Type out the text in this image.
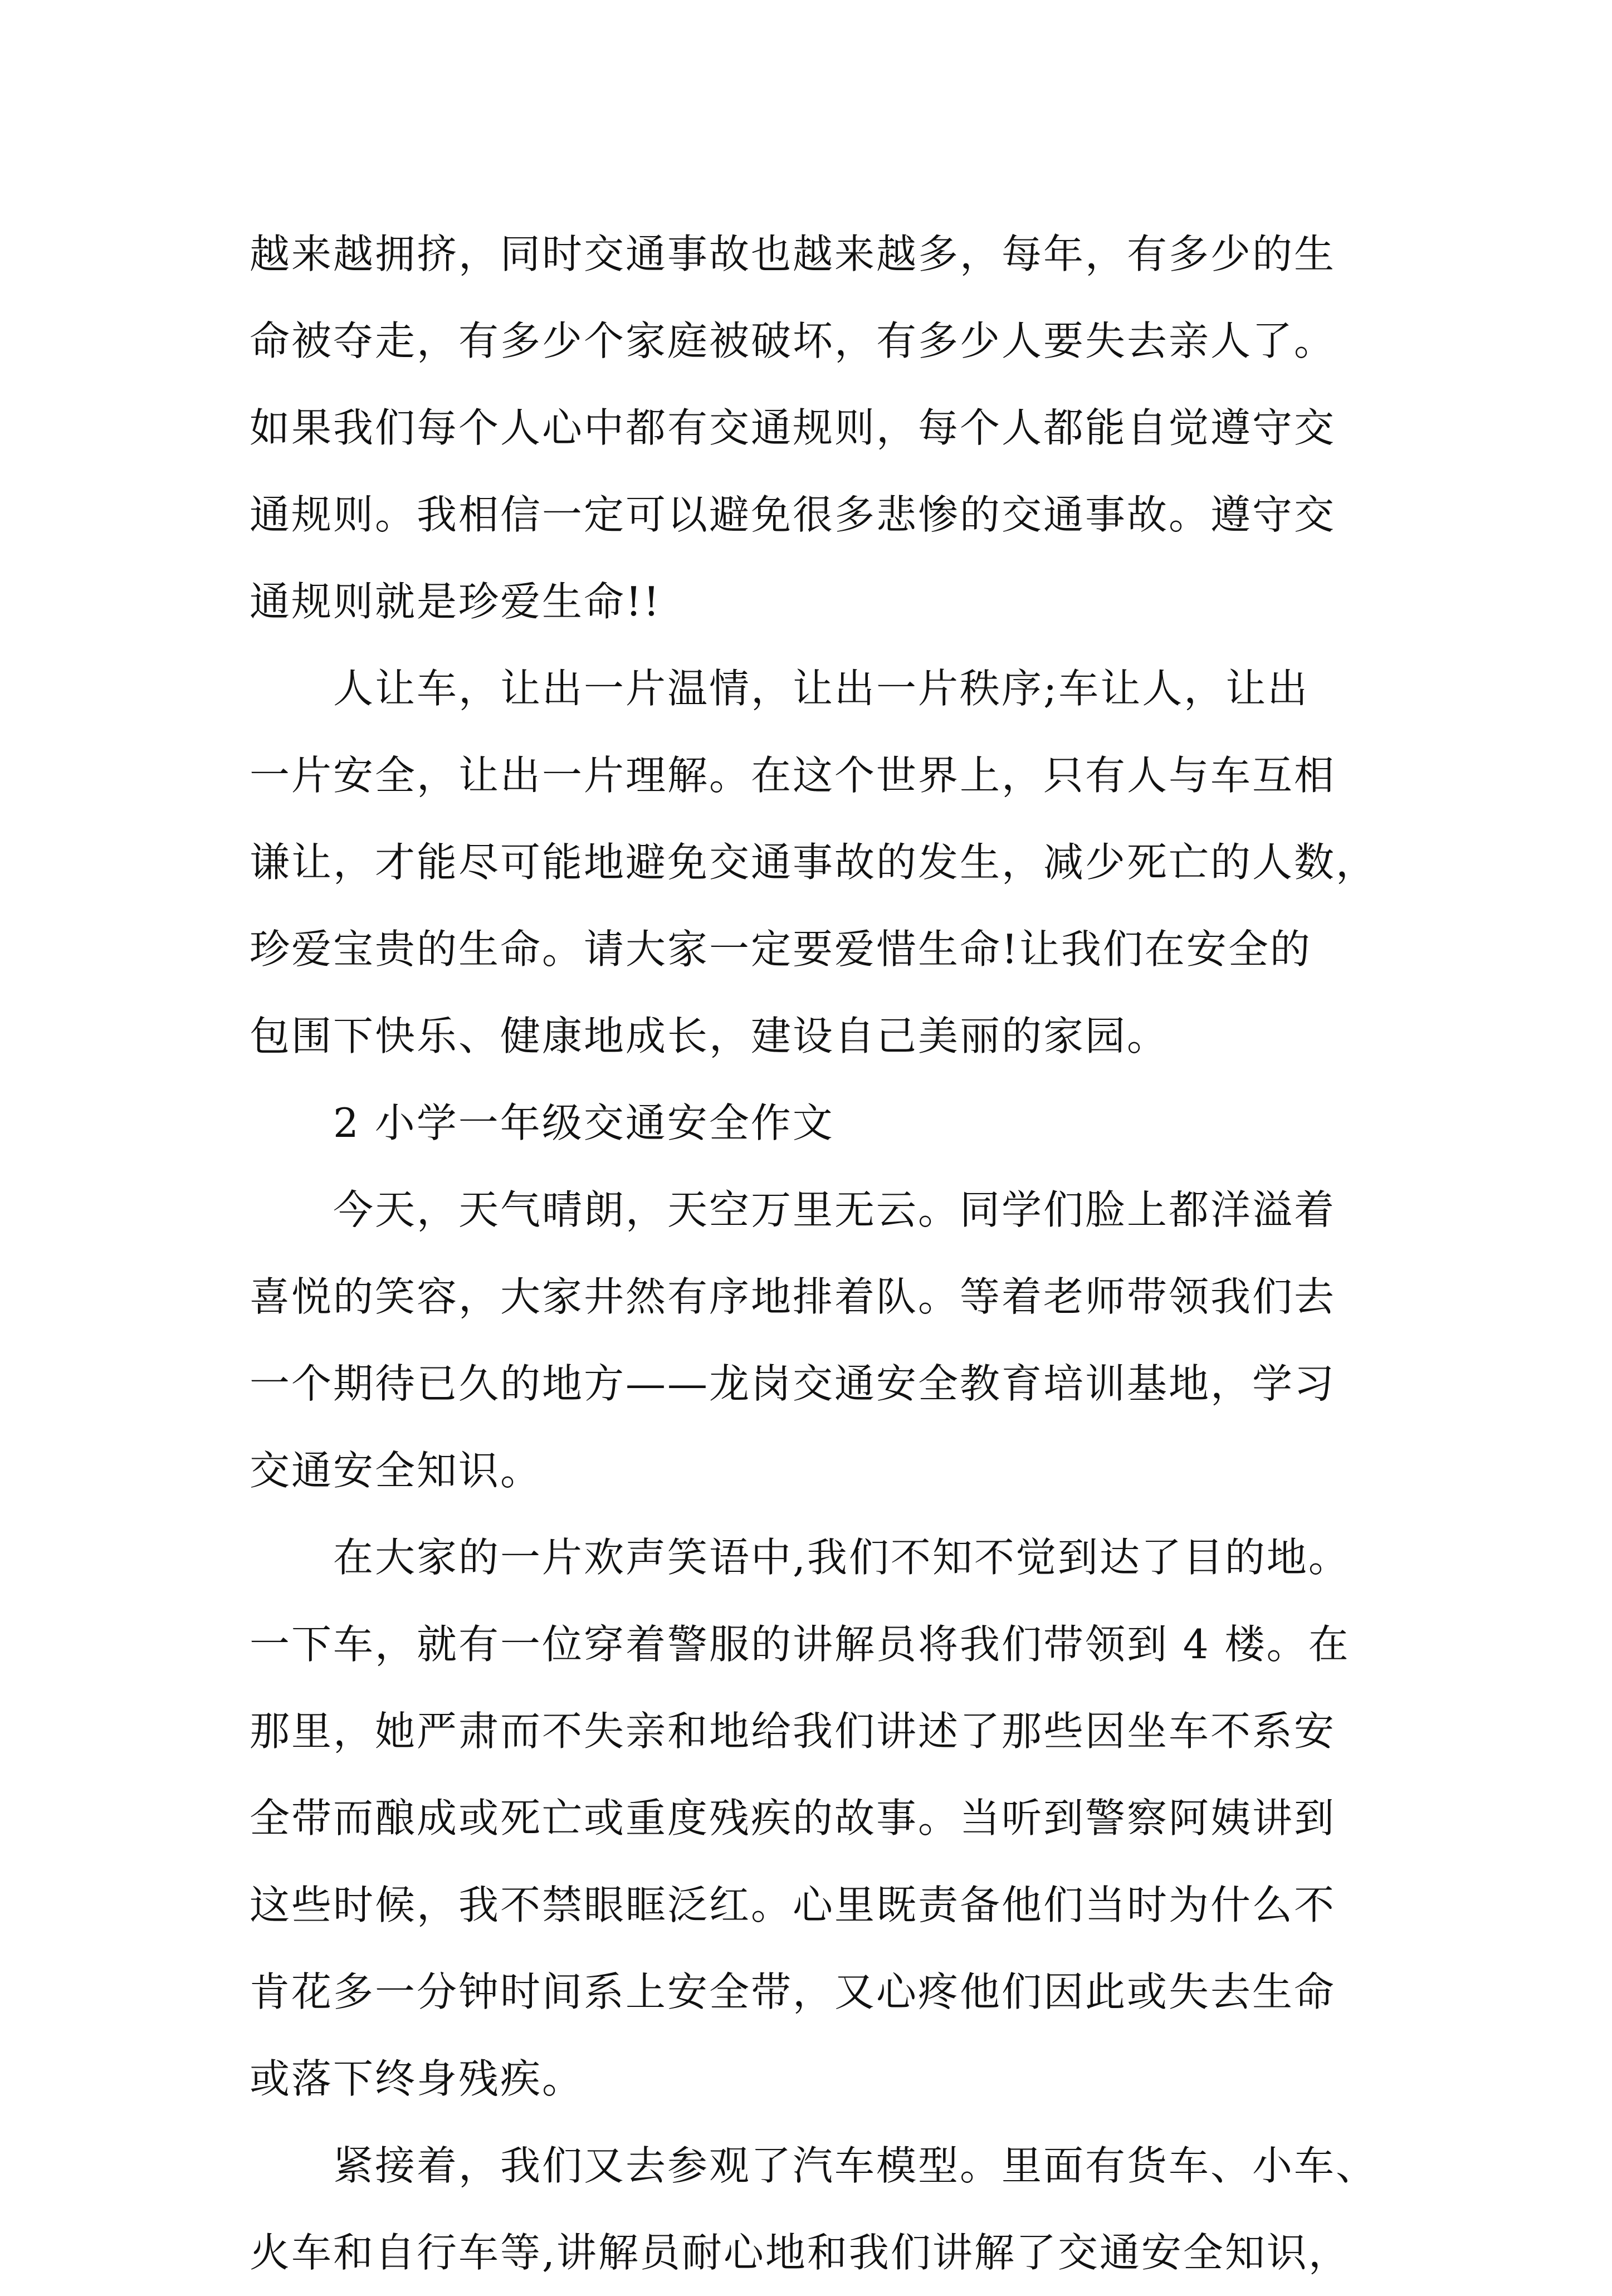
越来越拥挤，同时交通事故也越来越多，每年，有多少的生
命被夺走，有多少个家庭被破坏，有多少人要失去亲人了。
如果我们每个人心中都有交通规则，每个人都能自觉遵守交
通规则。我相信一定可以避免很多悲惨的交通事故。遵守交
通规则就是珍爱生命!!
人让车，让出一片温情，让出一片秩序;车让人，让出
一片安全，让出一片理解。在这个世界上，只有人与车互相
谦让，才能尽可能地避免交通事故的发生，减少死亡的人数，
珍爱宝贵的生命。请大家一定要爱惜生命!让我们在安全的
包围下快乐、健康地成长，建设自己美丽的家园。
2 小学一年级交通安全作文
今天，天气晴朗，天空万里无云。同学们脸上都洋溢着
喜悦的笑容，大家井然有序地排着队。等着老师带领我们去
一个期待已久的地方——龙岗交通安全教育培训基地，学习
交通安全知识。
在大家的一片欢声笑语中,我们不知不觉到达了目的地。
一下车，就有一位穿着警服的讲解员将我们带领到 4 楼。在
那里，她严肃而不失亲和地给我们讲述了那些因坐车不系安
全带而酿成或死亡或重度残疾的故事。当听到警察阿姨讲到
这些时候，我不禁眼眶泛红。心里既责备他们当时为什么不
肯花多一分钟时间系上安全带，又心疼他们因此或失去生命
或落下终身残疾。
紧接着，我们又去参观了汽车模型。里面有货车、小车、
火车和自行车等,讲解员耐心地和我们讲解了交通安全知识，
